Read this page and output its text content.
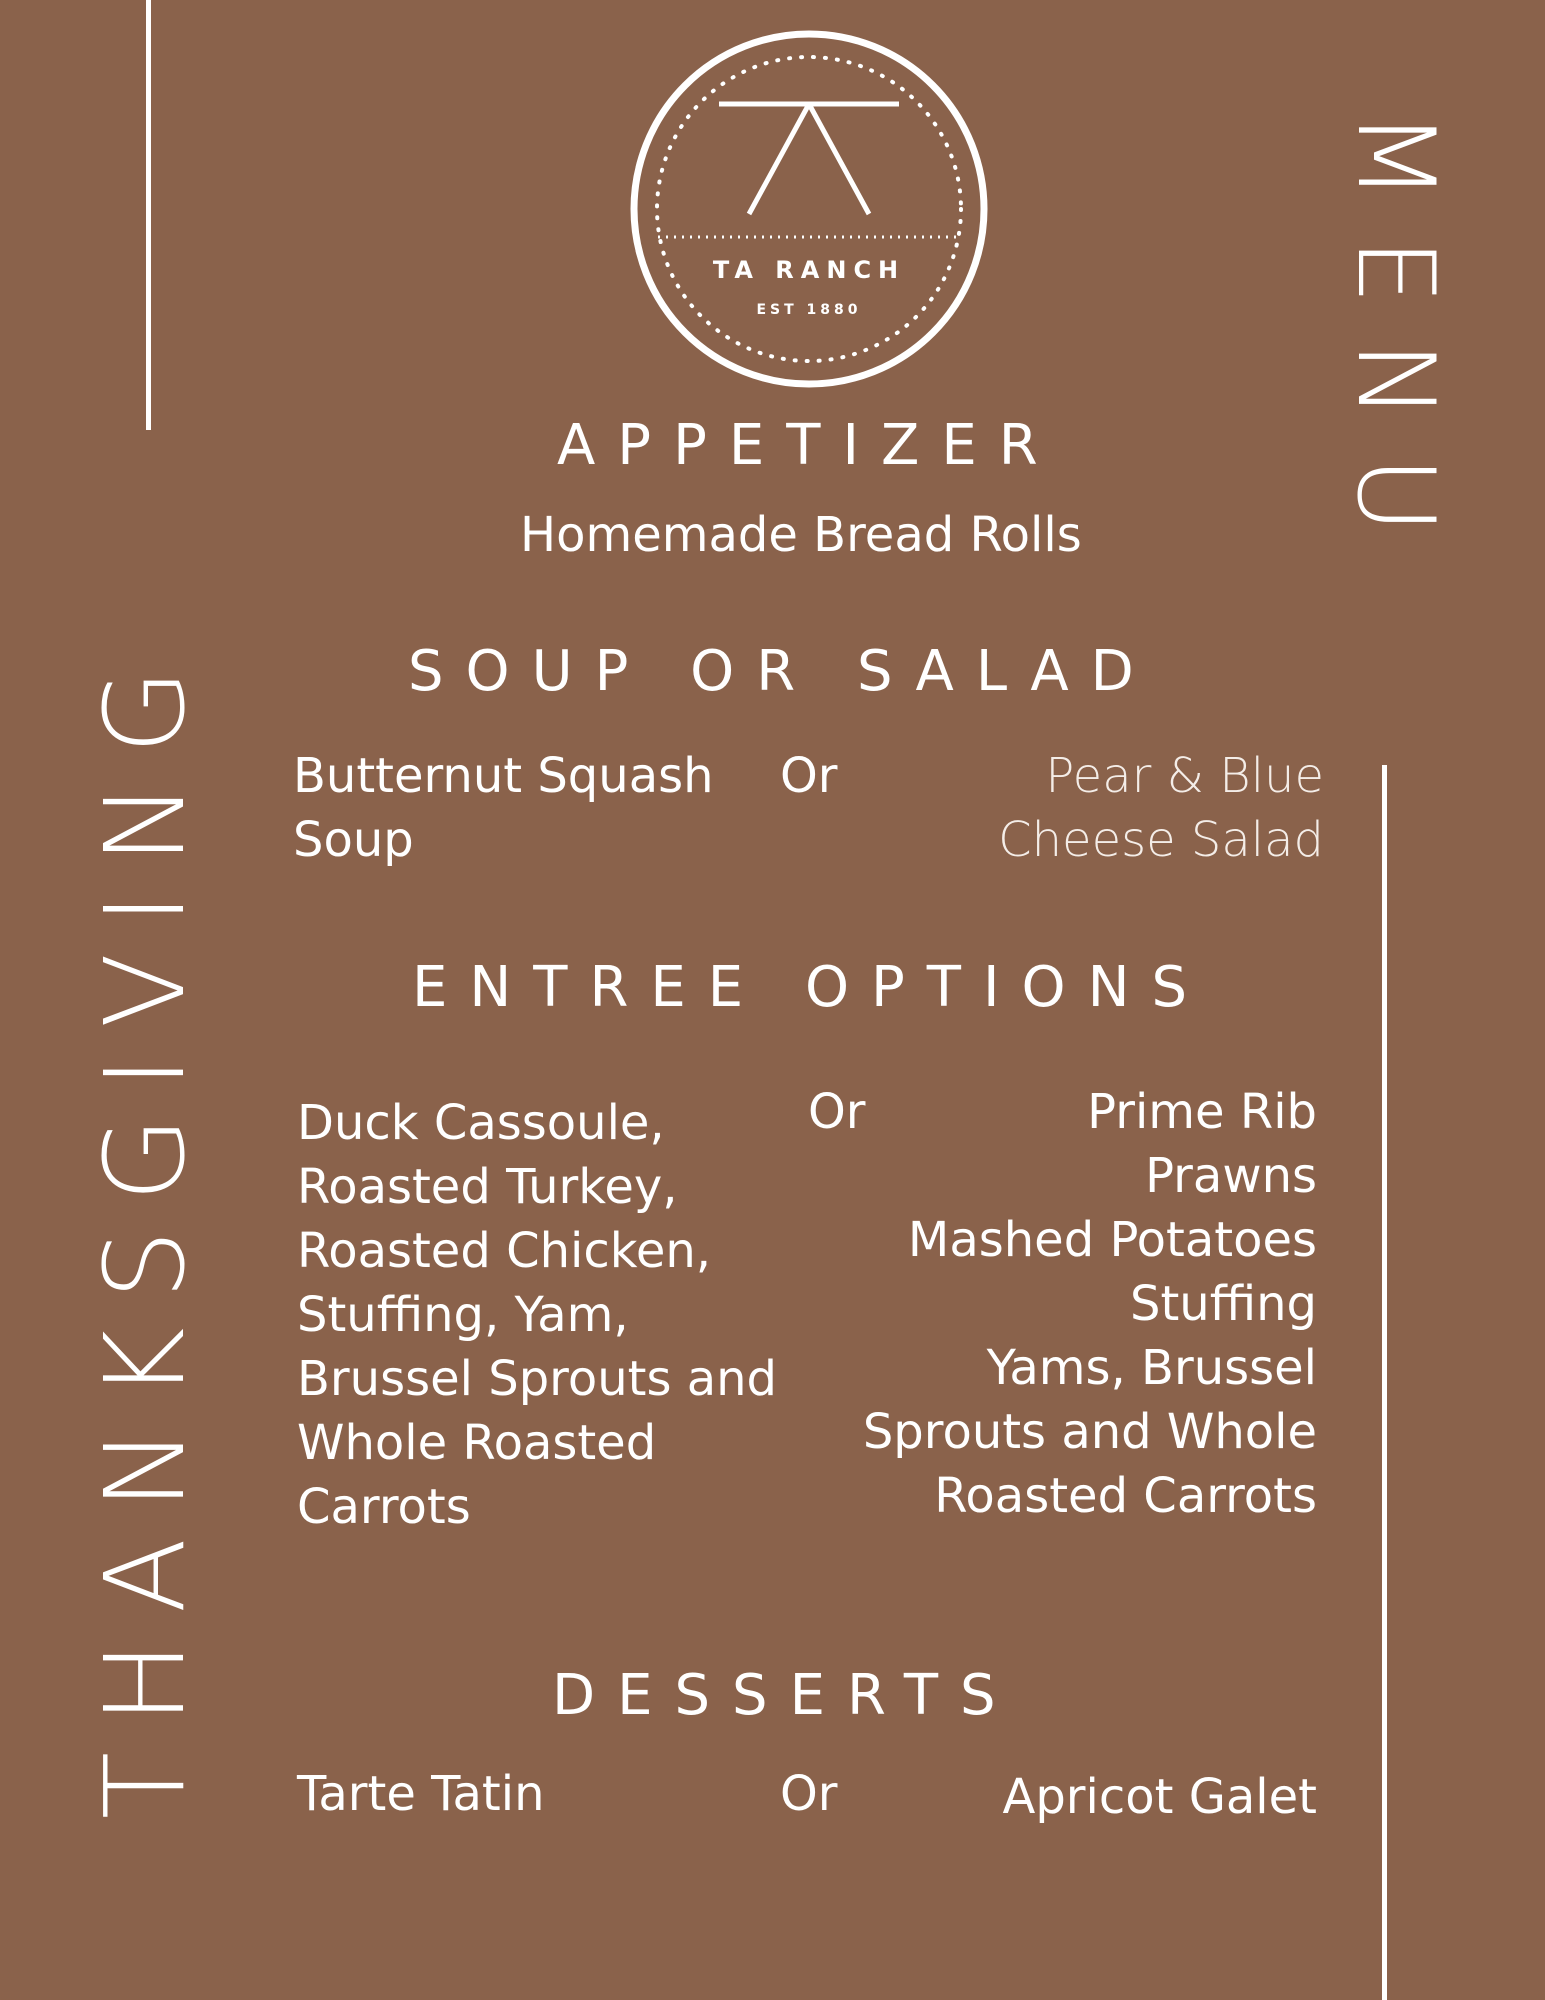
THANKSGIVING
MENU
TA RANCH
EST 1880
APPETIZER
Homemade Bread Rolls
SOUP OR SALAD
Butternut Squash Soup
Or	Pear & Blue Cheese Salad
ENTREE OPTIONS
Duck Cassoule,
Roasted Turkey,
Roasted Chicken,
Stuffing, Yam,
Brussel Sprouts and
Whole Roasted
Carrots
Or	Prime Rib
Prawns
Mashed Potatoes
Stuffing
Yams, Brussel
Sprouts and Whole
Roasted Carrots
DESSERTS
Tarte Tatin	Or	Apricot Galet
